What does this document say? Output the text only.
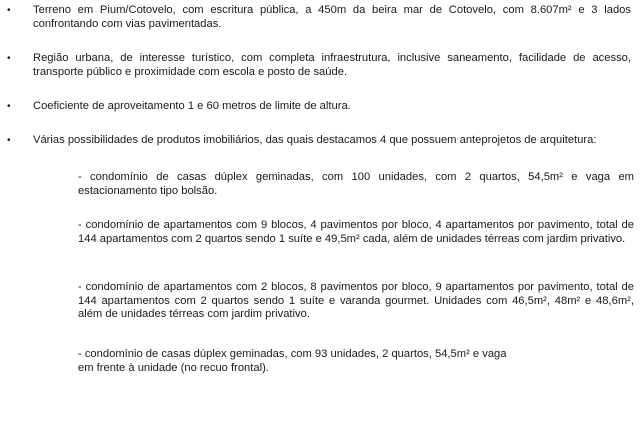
• Terreno em Pium/Cotovelo, com escritura pública, a 450m da beira mar de Cotovelo, com 8.607m² e 3 lados confrontando com vias pavimentadas.
• Região urbana, de interesse turístico, com completa infraestrutura, inclusive saneamento, facilidade de acesso, transporte público e proximidade com escola e posto de saúde.
• Coeficiente de aproveitamento 1 e 60 metros de limite de altura.
• Várias possibilidades de produtos imobiliários, das quais destacamos 4 que possuem anteprojetos de arquitetura:
- condomínio de casas dúplex geminadas, com 100 unidades, com 2 quartos, 54,5m² e vaga em estacionamento tipo bolsão.
- condomínio de apartamentos com 9 blocos, 4 pavimentos por bloco, 4 apartamentos por pavimento, total de 144 apartamentos com 2 quartos sendo 1 suíte e 49,5m² cada, além de unidades térreas com jardim privativo.
- condomínio de apartamentos com 2 blocos, 8 pavimentos por bloco, 9 apartamentos por pavimento, total de 144 apartamentos com 2 quartos sendo 1 suíte e varanda gourmet. Unidades com 46,5m², 48m² e 48,6m², além de unidades térreas com jardim privativo.
- condomínio de casas dúplex geminadas, com 93 unidades, 2 quartos, 54,5m² e vaga
em frente à unidade (no recuo frontal).
